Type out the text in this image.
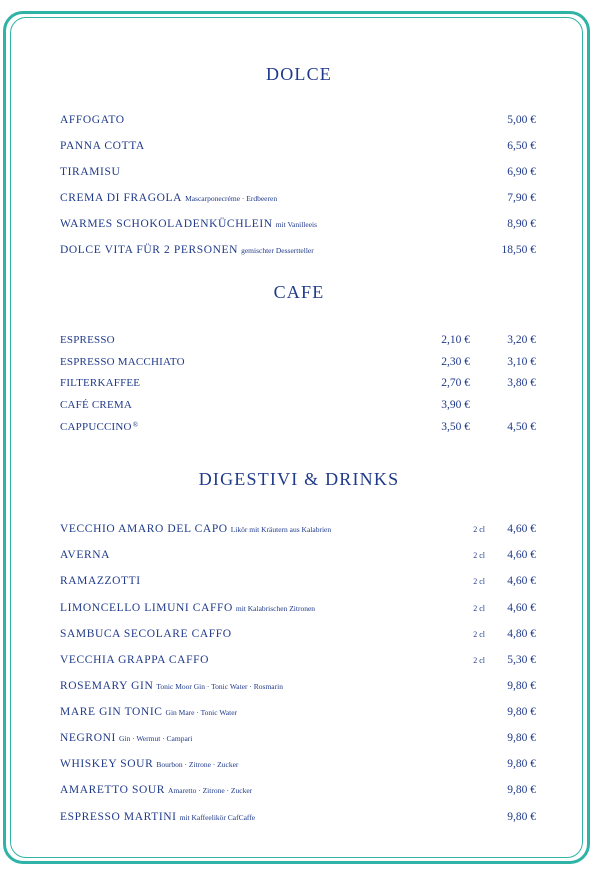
DOLCE
AFFOGATO	5,00 €
PANNA COTTA	6,50 €
TIRAMISU	6,90 €
CREMA DI FRAGOLA Mascarponecréme · Erdbeeren	7,90 €
WARMES SCHOKOLADENKÜCHLEIN mit Vanilleeis	8,90 €
DOLCE VITA FÜR 2 PERSONEN gemischter Dessertteller	18,50 €
CAFE
ESPRESSO	2,10 €	3,20 €
ESPRESSO MACCHIATO	2,30 €	3,10 €
FILTERKAFFEE	2,70 €	3,80 €
CAFÉ CREMA	3,90 €
CAPPUCCINO®	3,50 €	4,50 €
DIGESTIVI & DRINKS
VECCHIO AMARO DEL CAPO Likör mit Kräutern aus Kalabrien	2 cl 4,60 €
AVERNA	2 cl 4,60 €
RAMAZZOTTI	2 cl 4,60 €
LIMONCELLO LIMUNI CAFFO mit Kalabrischen Zitronen	2 cl 4,60 €
SAMBUCA SECOLARE CAFFO	2 cl 4,80 €
VECCHIA GRAPPA CAFFO	2 cl 5,30 €
ROSEMARY GIN Tonic Moor Gin · Tonic Water · Rosmarin	9,80 €
MARE GIN TONIC Gin Mare · Tonic Water	9,80 €
NEGRONI Gin · Wermut · Campari	9,80 €
WHISKEY SOUR Bourbon · Zitrone · Zucker	9,80 €
AMARETTO SOUR Amaretto · Zitrone · Zucker	9,80 €
ESPRESSO MARTINI mit Kaffeelikör CafCaffe	9,80 €
